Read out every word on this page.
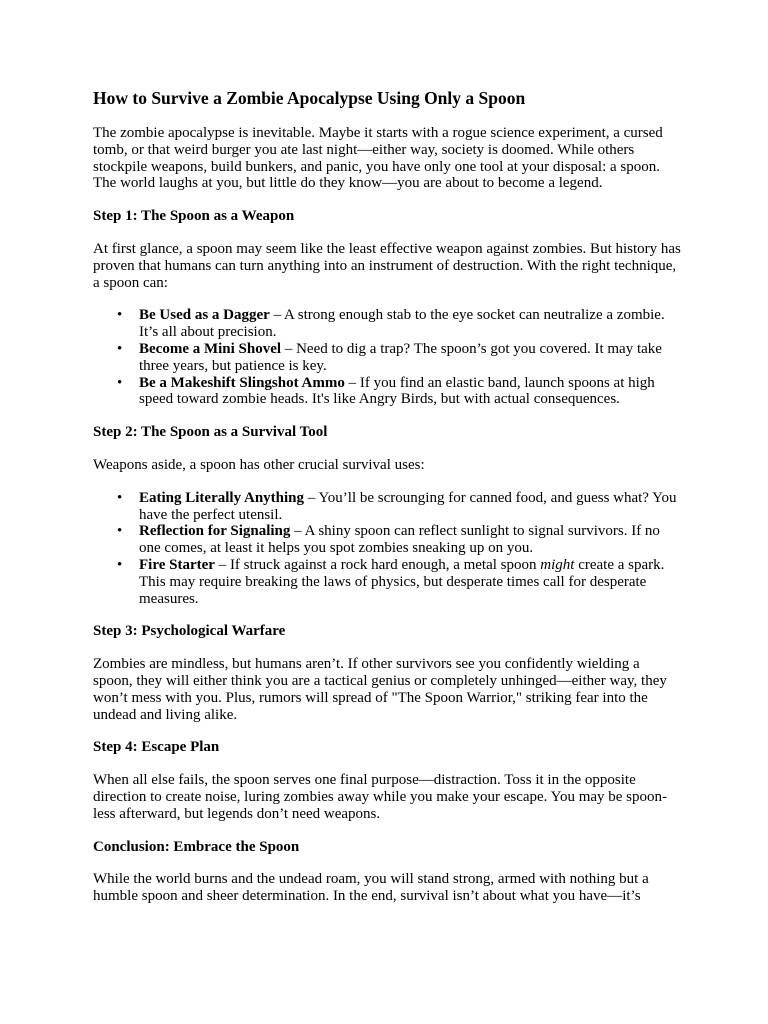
How to Survive a Zombie Apocalypse Using Only a Spoon

The zombie apocalypse is inevitable. Maybe it starts with a rogue science experiment, a cursed tomb, or that weird burger you ate last night—either way, society is doomed. While others stockpile weapons, build bunkers, and panic, you have only one tool at your disposal: a spoon. The world laughs at you, but little do they know—you are about to become a legend.

Step 1: The Spoon as a Weapon

At first glance, a spoon may seem like the least effective weapon against zombies. But history has proven that humans can turn anything into an instrument of destruction. With the right technique, a spoon can:

• Be Used as a Dagger – A strong enough stab to the eye socket can neutralize a zombie. It’s all about precision.
• Become a Mini Shovel – Need to dig a trap? The spoon’s got you covered. It may take three years, but patience is key.
• Be a Makeshift Slingshot Ammo – If you find an elastic band, launch spoons at high speed toward zombie heads. It's like Angry Birds, but with actual consequences.
Step 2: The Spoon as a Survival Tool

Weapons aside, a spoon has other crucial survival uses:

• Eating Literally Anything – You’ll be scrounging for canned food, and guess what? You have the perfect utensil.
• Reflection for Signaling – A shiny spoon can reflect sunlight to signal survivors. If no one comes, at least it helps you spot zombies sneaking up on you.
• Fire Starter – If struck against a rock hard enough, a metal spoon might create a spark. This may require breaking the laws of physics, but desperate times call for desperate measures.
Step 3: Psychological Warfare

Zombies are mindless, but humans aren’t. If other survivors see you confidently wielding a spoon, they will either think you are a tactical genius or completely unhinged—either way, they won’t mess with you. Plus, rumors will spread of "The Spoon Warrior," striking fear into the undead and living alike.

Step 4: Escape Plan

When all else fails, the spoon serves one final purpose—distraction. Toss it in the opposite direction to create noise, luring zombies away while you make your escape. You may be spoon-less afterward, but legends don’t need weapons.

Conclusion: Embrace the Spoon

While the world burns and the undead roam, you will stand strong, armed with nothing but a humble spoon and sheer determination. In the end, survival isn’t about what you have—it’s
